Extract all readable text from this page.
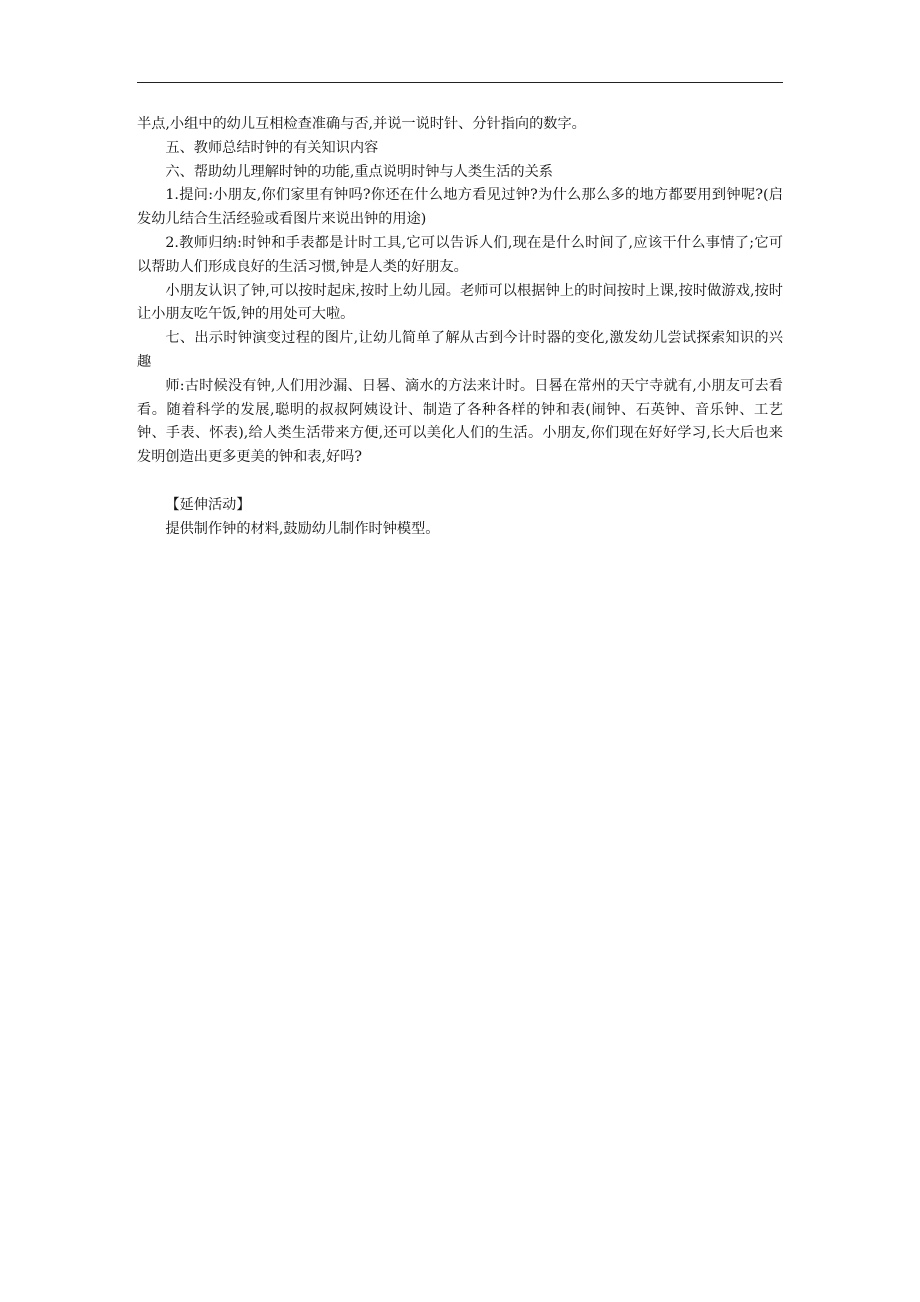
半点,小组中的幼儿互相检查准确与否,并说一说时针、分针指向的数字。

五、教师总结时钟的有关知识内容

六、帮助幼儿理解时钟的功能,重点说明时钟与人类生活的关系

1.提问:小朋友,你们家里有钟吗?你还在什么地方看见过钟?为什么那么多的地方都要用到钟呢?(启发幼儿结合生活经验或看图片来说出钟的用途)

2.教师归纳:时钟和手表都是计时工具,它可以告诉人们,现在是什么时间了,应该干什么事情了;它可以帮助人们形成良好的生活习惯,钟是人类的好朋友。

小朋友认识了钟,可以按时起床,按时上幼儿园。老师可以根据钟上的时间按时上课,按时做游戏,按时让小朋友吃午饭,钟的用处可大啦。

七、出示时钟演变过程的图片,让幼儿简单了解从古到今计时器的变化,激发幼儿尝试探索知识的兴趣

师:古时候没有钟,人们用沙漏、日晷、滴水的方法来计时。日晷在常州的天宁寺就有,小朋友可去看看。随着科学的发展,聪明的叔叔阿姨设计、制造了各种各样的钟和表(闹钟、石英钟、音乐钟、工艺钟、手表、怀表),给人类生活带来方便,还可以美化人们的生活。小朋友,你们现在好好学习,长大后也来发明创造出更多更美的钟和表,好吗?

【延伸活动】

提供制作钟的材料,鼓励幼儿制作时钟模型。
